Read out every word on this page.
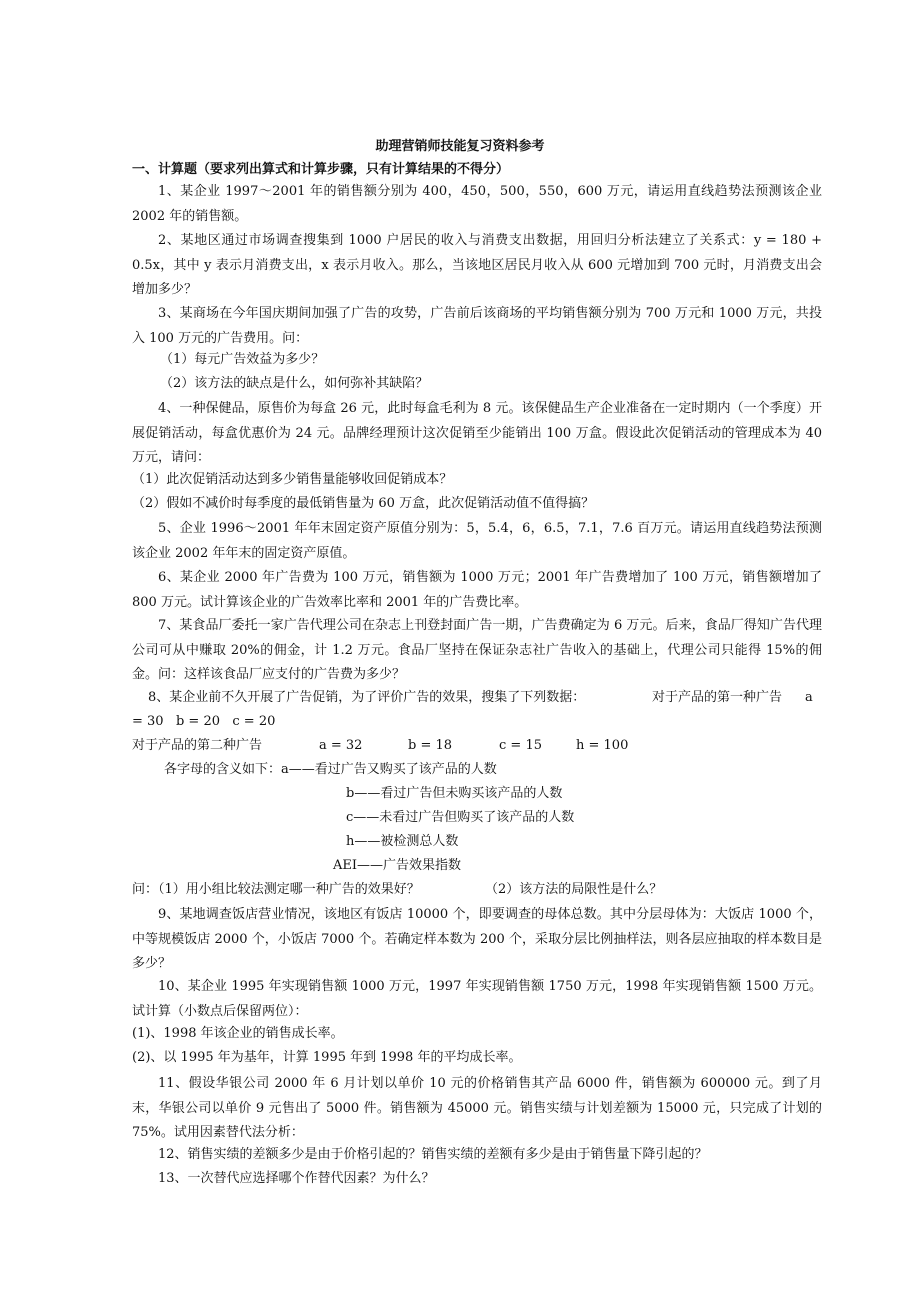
助理营销师技能复习资料参考
一、计算题（要求列出算式和计算步骤，只有计算结果的不得分）
1、某企业 1997～2001 年的销售额分别为 400，450，500，550，600 万元，请运用直线趋势法预测该企业 2002 年的销售额。
2、某地区通过市场调查搜集到 1000 户居民的收入与消费支出数据，用回归分析法建立了关系式：y = 180 + 0.5x，其中 y 表示月消费支出，x 表示月收入。那么，当该地区居民月收入从 600 元增加到 700 元时，月消费支出会增加多少？
3、某商场在今年国庆期间加强了广告的攻势，广告前后该商场的平均销售额分别为 700 万元和 1000 万元，共投入 100 万元的广告费用。问：
（1）每元广告效益为多少？
（2）该方法的缺点是什么，如何弥补其缺陷？
4、一种保健品，原售价为每盒 26 元，此时每盒毛利为 8 元。该保健品生产企业准备在一定时期内（一个季度）开展促销活动，每盒优惠价为 24 元。品牌经理预计这次促销至少能销出 100 万盒。假设此次促销活动的管理成本为 40 万元，请问：
（1）此次促销活动达到多少销售量能够收回促销成本？
（2）假如不减价时每季度的最低销售量为 60 万盒，此次促销活动值不值得搞？
5、企业 1996～2001 年年末固定资产原值分别为：5，5.4，6，6.5，7.1，7.6 百万元。请运用直线趋势法预测该企业 2002 年年末的固定资产原值。
6、某企业 2000 年广告费为 100 万元，销售额为 1000 万元；2001 年广告费增加了 100 万元，销售额增加了 800 万元。试计算该企业的广告效率比率和 2001 年的广告费比率。
7、某食品厂委托一家广告代理公司在杂志上刊登封面广告一期，广告费确定为 6 万元。后来，食品厂得知广告代理公司可从中赚取 20%的佣金，计 1.2 万元。食品厂坚持在保证杂志社广告收入的基础上，代理公司只能得 15%的佣金。问：这样该食品厂应支付的广告费为多少？
8、某企业前不久开展了广告促销，为了评价广告的效果，搜集了下列数据：	对于产品的第一种广告 a
= 30   b = 20   c = 20
对于产品的第二种广告	a = 32	b = 18	c = 15	h = 100
各字母的含义如下：a——看过广告又购买了该产品的人数
b——看过广告但未购买该产品的人数
c——未看过广告但购买了该产品的人数
h——被检测总人数
AEI——广告效果指数
问：（1）用小组比较法测定哪一种广告的效果好？	（2）该方法的局限性是什么？
9、某地调查饭店营业情况，该地区有饭店 10000 个，即要调查的母体总数。其中分层母体为：大饭店 1000 个，中等规模饭店 2000 个，小饭店 7000 个。若确定样本数为 200 个，采取分层比例抽样法，则各层应抽取的样本数目是多少？
10、某企业 1995 年实现销售额 1000 万元，1997 年实现销售额 1750 万元，1998 年实现销售额 1500 万元。试计算（小数点后保留两位）：
(1)、1998 年该企业的销售成长率。
(2)、以 1995 年为基年，计算 1995 年到 1998 年的平均成长率。
11、假设华银公司 2000 年 6 月计划以单价 10 元的价格销售其产品 6000 件，销售额为 600000 元。到了月末，华银公司以单价 9 元售出了 5000 件。销售额为 45000 元。销售实绩与计划差额为 15000 元，只完成了计划的 75%。试用因素替代法分析：
12、销售实绩的差额多少是由于价格引起的？销售实绩的差额有多少是由于销售量下降引起的？
13、一次替代应选择哪个作替代因素？为什么？
